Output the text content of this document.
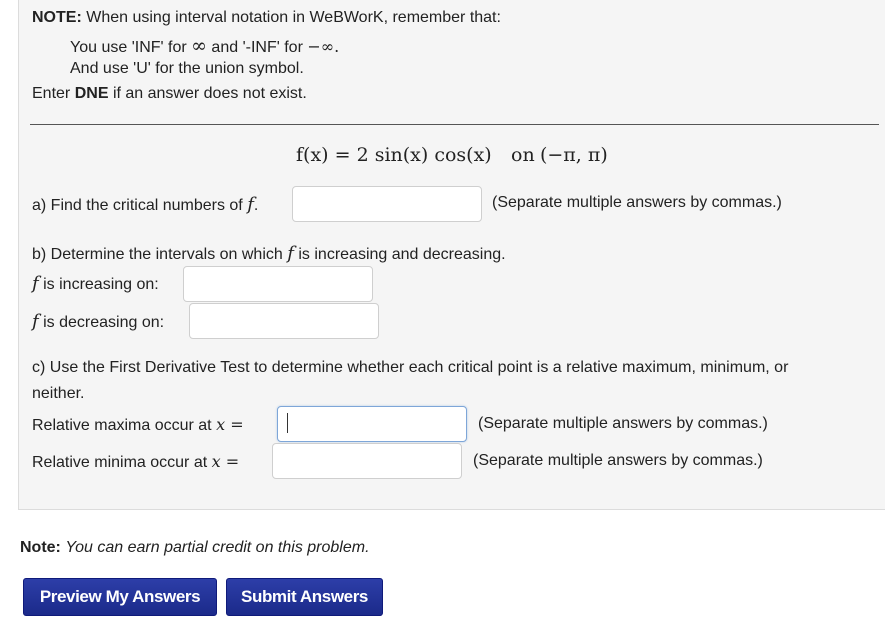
NOTE: When using interval notation in WeBWorK, remember that:
You use 'INF' for ∞ and '-INF' for −∞.
And use 'U' for the union symbol.
Enter DNE if an answer does not exist.
f(x) = 2 sin(x) cos(x) on (−π, π)
a) Find the critical numbers of f.	(Separate multiple answers by commas.)
b) Determine the intervals on which f is increasing and decreasing.
f is increasing on:
f is decreasing on:
c) Use the First Derivative Test to determine whether each critical point is a relative maximum, minimum, or
neither.
Relative maxima occur at x =	(Separate multiple answers by commas.)
Relative minima occur at x =	(Separate multiple answers by commas.)
Note: You can earn partial credit on this problem.
Preview My Answers	Submit Answers
